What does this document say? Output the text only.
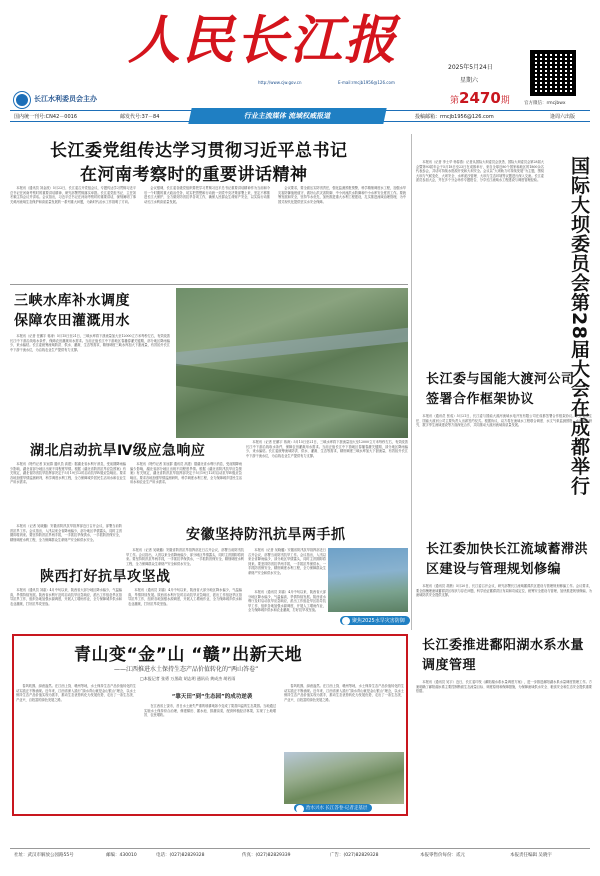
人民长江报
长江水利委员会主办
http://www.cjw.gov.cn	E-mail:rmcjb1956@126.com
2025年5月24日
星期六
第2470期	官方微信：rmcjbwx
国内统一刊号:CN42－0016	邮发代号:37－84	行业主流媒体 流域权威报道	投稿邮箱：rmcjb1956@126.com	逢周六出版
长江委党组传达学习贯彻习近平总书记
在河南考察时的重要讲话精神

本报讯（通讯员 刘金波）5月22日，长江委召开党组会议，专题传达学习贯彻习近平总书记在河南考察时的重要讲话精神，研究部署贯彻落实举措。长江委党组书记、主任刘冬顺主持会议并讲话。会议指出，习近平总书记在河南考察时的重要讲话，深刻阐明了事关黄河流域生态保护和高质量发展的一系列重大问题，为新时代治水工作指明了方向。

会议强调，长江委各级党组织要把学习贯彻习近平总书记重要讲话精神作为当前和今后一个时期的重大政治任务，切实把思想和行动统一到党中央决策部署上来，坚定不移推进长江大保护，全力做好防汛抗旱各项工作，确保人民群众生命财产安全，以实际行动推动长江水利高质量发展。

会议要求，要全面压实防汛责任，强化监测预报预警，科学精细调度水工程，加强水旱灾害防御值班值守，做好山洪灾害防御、中小河流洪水防御和中小水库安全度汛工作。要统筹发展和安全，坚持节水优先，加快推进重大水利工程建设，扎实推进流域治理管理，为中国式现代化提供坚实水安全保障。

三峡水库补水调度
保障农田灌溉用水

本报讯（记者 任鹏宇 蒋涛）5月15日至21日，三峡水库将下泄流量加大至12000立方米每秒左右，有效改善长江中下游沿线取水条件，保障农田灌溉用水需求。当前正值长江中下游地区春播春灌关键期，部分地区降雨偏少，来水偏枯。长江委统筹流域防洪、供水、灌溉、生态等需求，精细调度三峡水库加大下泄流量，有效抬升长江中下游干流水位，为沿线农业生产提供有力支撑。

湖北启动抗旱Ⅳ级应急响应

本报讯（特约记者 宋冠群 通讯员 高建）据湖北省水利厅消息，受前期降雨偏少影响，湖北省部分地区出现不同程度旱情。根据《湖北省防汛抗旱应急预案》有关规定，湖北省防汛抗旱指挥部决定于5月19日12时启动抗旱Ⅳ级应急响应。要求各地加强旱情监测研判，科学调度水利工程，全力保障城乡居民生活用水和农业生产用水需求。

本报讯（特约记者 宋冠群 通讯员 高建）据湖北省水利厅消息，受前期降雨偏少影响，湖北省部分地区出现不同程度旱情。根据《湖北省防汛抗旱应急预案》有关规定，湖北省防汛抗旱指挥部决定于5月19日12时启动抗旱Ⅳ级应急响应。要求各地加强旱情监测研判，科学调度水利工程，全力保障城乡居民生活用水和农业生产用水需求。

本报讯（记者 任鹏宇 蒋涛）5月15日至21日，三峡水库将下泄流量加大至12000立方米每秒左右，有效改善长江中下游沿线取水条件，保障农田灌溉用水需求。当前正值长江中下游地区春播春灌关键期，部分地区降雨偏少，来水偏枯。长江委统筹流域防洪、供水、灌溉、生态等需求，精细调度三峡水库加大下泄流量，有效抬升长江中下游干流水位，为沿线农业生产提供有力支撑。

本报讯（记者 吴晓璐）安徽省防汛抗旱指挥部近日召开会议，部署当前防汛抗旱工作。会议指出，入汛以来全省降雨偏少，部分地区旱情露头，同时主汛期即将到来。要坚持防汛抗旱两手抓，一手抓抗旱保供水，一手抓防汛保安全，精细调度水利工程，全力保障群众生命财产安全和供水安全。	安徽坚持防汛抗旱两手抓
陕西打好抗旱攻坚战

本报讯（通讯员 刘嘉）4月中旬以来，陕西省大部分地区降水偏少，气温偏高，旱情持续发展。陕西省水利厅及时启动抗旱应急响应，派出工作组赴旱区指导抗旱工作，组织各地加强水源调度，开展人工增雨作业，全力保障城乡供水和农业灌溉，打好抗旱攻坚战。

本报讯（通讯员 刘嘉）4月中旬以来，陕西省大部分地区降水偏少，气温偏高，旱情持续发展。陕西省水利厅及时启动抗旱应急响应，派出工作组赴旱区指导抗旱工作，组织各地加强水源调度，开展人工增雨作业，全力保障城乡供水和农业灌溉，打好抗旱攻坚战。

本报讯（记者 吴晓璐）安徽省防汛抗旱指挥部近日召开会议，部署当前防汛抗旱工作。会议指出，入汛以来全省降雨偏少，部分地区旱情露头，同时主汛期即将到来。要坚持防汛抗旱两手抓，一手抓抗旱保供水，一手抓防汛保安全，精细调度水利工程，全力保障群众生命财产安全和供水安全。

本报讯（记者 吴晓璐）安徽省防汛抗旱指挥部近日召开会议，部署当前防汛抗旱工作。会议指出，入汛以来全省降雨偏少，部分地区旱情露头，同时主汛期即将到来。要坚持防汛抗旱两手抓，一手抓抗旱保供水，一手抓防汛保安全，精细调度水利工程，全力保障群众生命财产安全和供水安全。

本报讯（通讯员 刘嘉）4月中旬以来，陕西省大部分地区降水偏少，气温偏高，旱情持续发展。陕西省水利厅及时启动抗旱应急响应，派出工作组赴旱区指导抗旱工作，组织各地加强水源调度，开展人工增雨作业，全力保障城乡供水和农业灌溉，打好抗旱攻坚战。

聚焦2025水旱灾害防御

本报讯（记者 李士华 杨春燕）记者从国际大坝委员会获悉，国际大坝委员会第28届大会暨第93届年会于5月18日至23日在成都举行，来自全球近80个国家和地区的1800余名代表参会，共话可持续水资源开发和大坝安全。会议以“大坝助力可持续发展”为主题，围绕大坝与气候变化、大坝安全、水库泥沙管理、大坝与生态环境等议题进行深入交流。长江委派员参加大会，并在多个分会场作专题报告，分享长江流域水工程建设与调度管理经验。	国际大坝委员会第28届大会在成都举行
长江委与国能大渡河公司签署合作框架协议

本报讯（通讯员 张成）5月21日，长江委与国能大渡河流域水电开发有限公司在成都签署合作框架协议。长江委副主任、国能大渡河公司主要负责人出席签约仪式。根据协议，双方将在流域水工程联合调度、水文气象监测预报、水库泥沙研究、数字孪生流域建设等方面深化合作，共同推动大渡河流域高质量发展。

长江委加快长江流域蓄滞洪区建设与管理规划修编

本报讯（通讯员 胡晨）5月20日，长江委召开会议，研究部署长江流域蓄滞洪区建设与管理规划修编工作。会议要求，要全面梳理流域蓄滞洪区现状与存在问题，科学论证蓄滞洪区布局和功能定位，统筹安全建设与管理，加快推进规划修编，为流域防洪安全提供支撑。

青山变“金”山 “赣”出新天地
——江西推进水土保持生态产品价值转化的“两山答卷”
□本报记者 张勇 万黑政 胡志明 通讯员 黄成杰 胡若雨

春风吹拂，绿意盎然。在江西上饶、赣州等地，水土保持生态产品价值转化的生动实践正不断涌现。近年来，江西省深入践行“绿水青山就是金山银山”理念，以水土保持生态产品价值实现为抓手，推动生态优势转化为发展优势，走出了一条生态美、产业兴、百姓富的绿色发展之路。	“靠天田”到“生态园”的成功逆袭

在江西省上饶市，昔日水土流失严重的坡耕地如今变成了果香四溢的生态果园。当地通过实施水土保持综合治理，修建梯田、蓄水池、排灌沟渠，配套种植经济林果，实现了土地增效、农民增收。

春风吹拂，绿意盎然。在江西上饶、赣州等地，水土保持生态产品价值转化的生动实践正不断涌现。近年来，江西省深入践行“绿水青山就是金山银山”理念，以水土保持生态产品价值实现为抓手，推动生态优势转化为发展优势，走出了一条生态美、产业兴、百姓富的绿色发展之路。

治水兴水 长江答卷·记者走基层
长江委推进鄱阳湖水系水量调度管理

本报讯（通讯员 吴宇）近日，长江委印发《鄱阳湖水系水量调度方案》，进一步推进鄱阳湖水系水量调度管理工作。方案明确了鄱阳湖水系主要控制断面生态流量目标、调度原则和保障措施，为保障流域供水安全、粮食安全和生态安全提供重要依据。

社址：武汉市解放公园路55号	邮编：430010	电话：(027)82829328	传真：(027)82829339	广告：(027)82829328	本报零售价每份：贰元	本报责任编辑 吴晓宇
